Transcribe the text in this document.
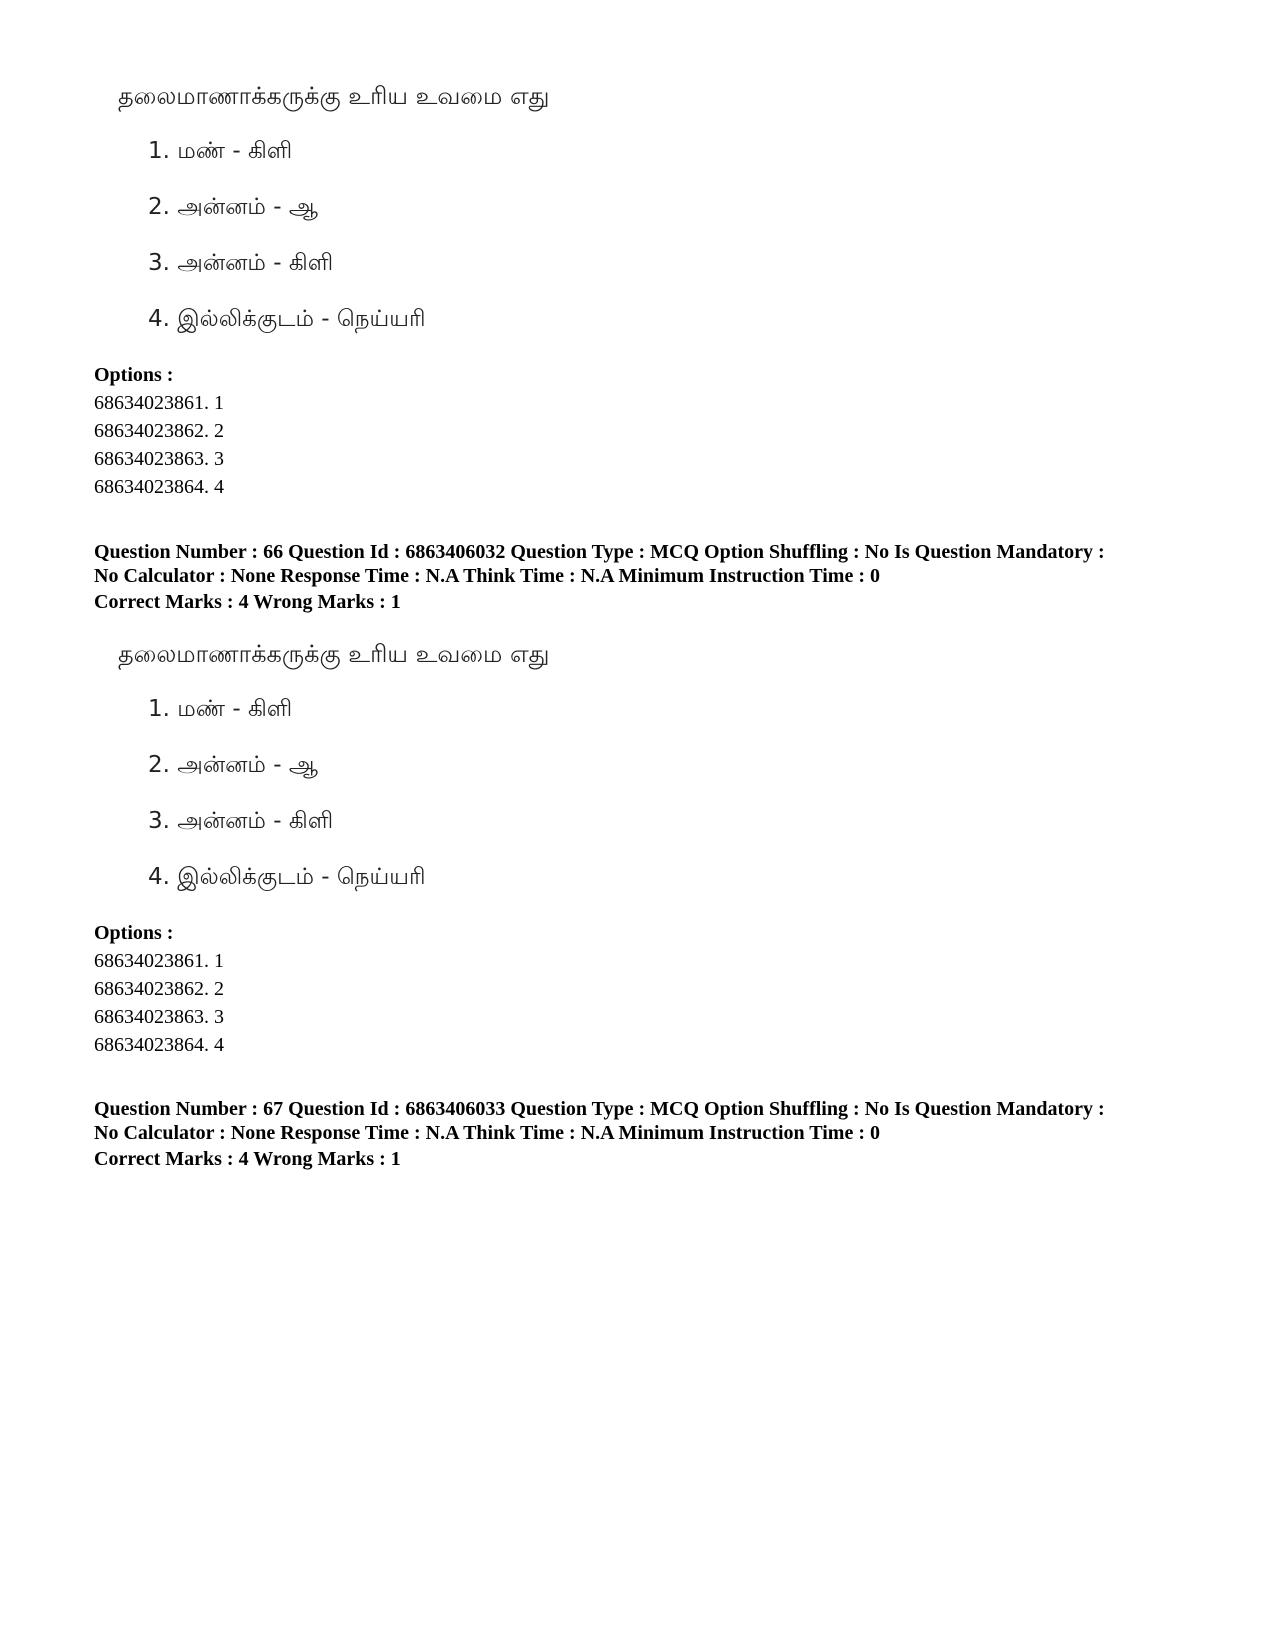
தலைமாணாக்கருக்கு உரிய உவமை எது
1. மண் - கிளி
2. அன்னம் - ஆ
3. அன்னம் - கிளி
4. இல்லிக்குடம் - நெய்யரி
Options :
68634023861. 1
68634023862. 2
68634023863. 3
68634023864. 4
Question Number : 66 Question Id : 6863406032 Question Type : MCQ Option Shuffling : No Is Question Mandatory :
No Calculator : None Response Time : N.A Think Time : N.A Minimum Instruction Time : 0
Correct Marks : 4 Wrong Marks : 1
தலைமாணாக்கருக்கு உரிய உவமை எது
1. மண் - கிளி
2. அன்னம் - ஆ
3. அன்னம் - கிளி
4. இல்லிக்குடம் - நெய்யரி
Options :
68634023861. 1
68634023862. 2
68634023863. 3
68634023864. 4
Question Number : 67 Question Id : 6863406033 Question Type : MCQ Option Shuffling : No Is Question Mandatory :
No Calculator : None Response Time : N.A Think Time : N.A Minimum Instruction Time : 0
Correct Marks : 4 Wrong Marks : 1
